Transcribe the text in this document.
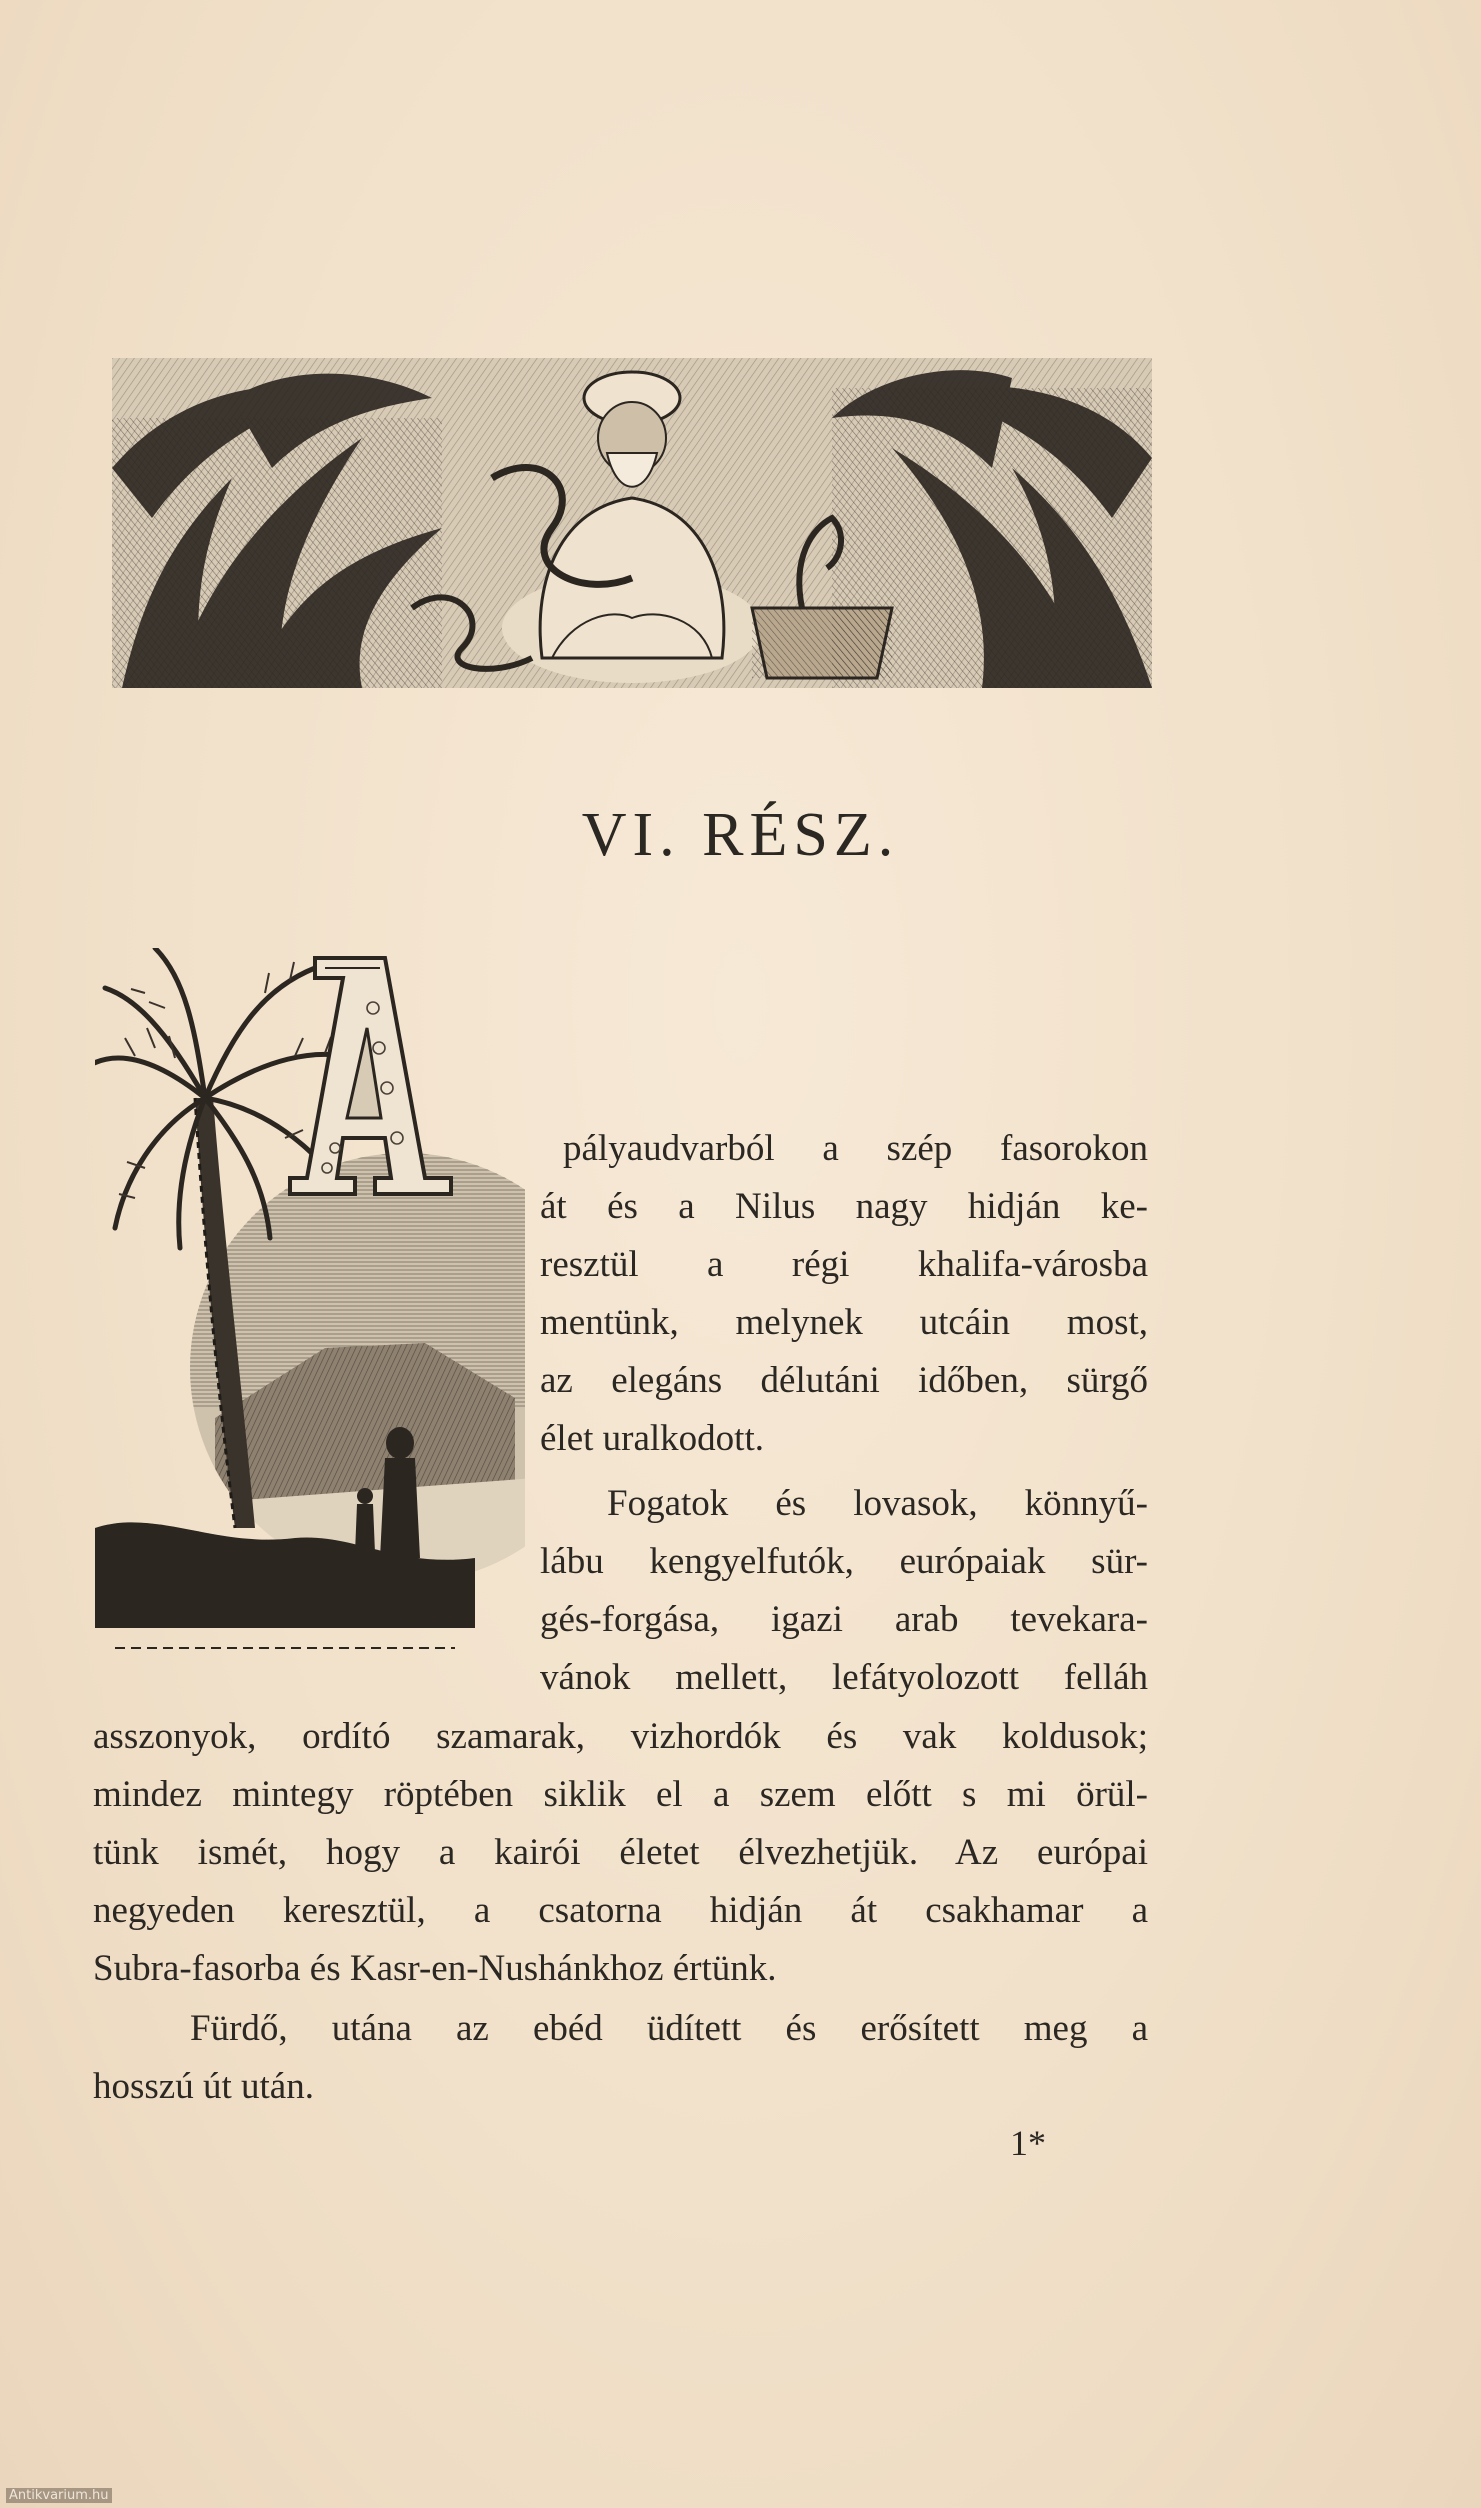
VI. RÉSZ.
pályaudvarból a szép fasorokon
át és a Nilus nagy hidján ke-
resztül a régi khalifa-városba
mentünk, melynek utcáin most,
az elegáns délutáni időben, sürgő
élet uralkodott.
Fogatok és lovasok, könnyű-
lábu kengyelfutók, európaiak sür-
gés-forgása, igazi arab tevekara-
vánok mellett, lefátyolozott felláh
asszonyok, ordító szamarak, vizhordók és vak koldusok;
mindez mintegy röptében siklik el a szem előtt s mi örül-
tünk ismét, hogy a kairói életet élvezhetjük. Az európai
negyeden keresztül, a csatorna hidján át csakhamar a
Subra-fasorba és Kasr-en-Nushánkhoz értünk.
Fürdő, utána az ebéd üdített és erősített meg a
hosszú út után.
1*
Antikvarium.hu
